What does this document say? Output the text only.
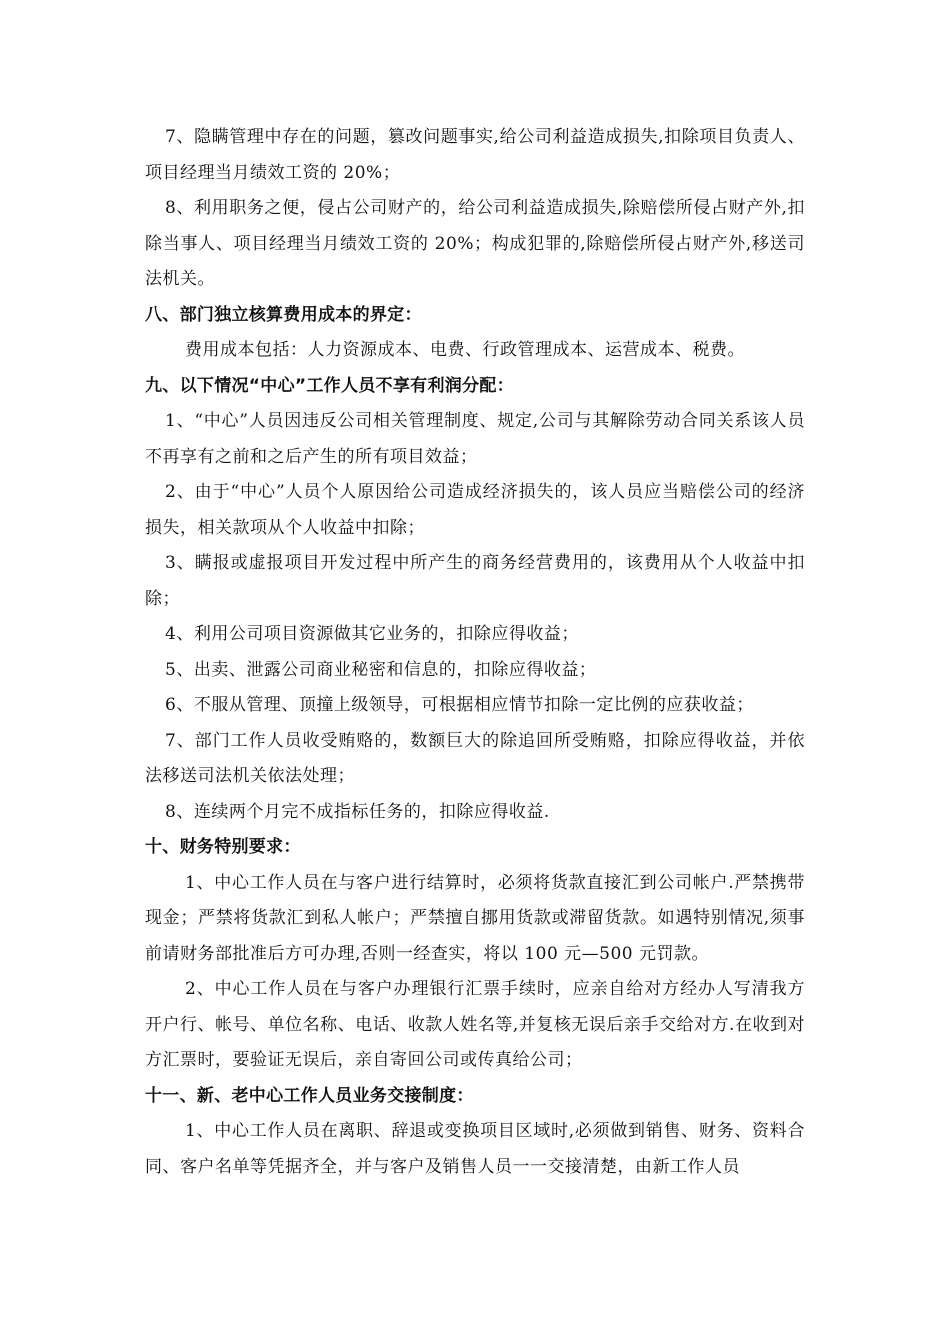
7、隐瞒管理中存在的问题，篡改问题事实,给公司利益造成损失,扣除项目负责人、项目经理当月绩效工资的 20%；

8、利用职务之便，侵占公司财产的，给公司利益造成损失,除赔偿所侵占财产外,扣除当事人、项目经理当月绩效工资的 20%；构成犯罪的,除赔偿所侵占财产外,移送司法机关。

八、部门独立核算费用成本的界定：

费用成本包括：人力资源成本、电费、行政管理成本、运营成本、税费。

九、以下情况“中心”工作人员不享有利润分配：

1、“中心”人员因违反公司相关管理制度、规定,公司与其解除劳动合同关系该人员不再享有之前和之后产生的所有项目效益；

2、由于“中心”人员个人原因给公司造成经济损失的，该人员应当赔偿公司的经济损失，相关款项从个人收益中扣除；

3、瞒报或虚报项目开发过程中所产生的商务经营费用的，该费用从个人收益中扣除；

4、利用公司项目资源做其它业务的，扣除应得收益；

5、出卖、泄露公司商业秘密和信息的，扣除应得收益；

6、不服从管理、顶撞上级领导，可根据相应情节扣除一定比例的应获收益；

7、部门工作人员收受贿赂的，数额巨大的除追回所受贿赂，扣除应得收益，并依法移送司法机关依法处理；

8、连续两个月完不成指标任务的，扣除应得收益.

十、财务特别要求：

1、中心工作人员在与客户进行结算时，必须将货款直接汇到公司帐户.严禁携带现金；严禁将货款汇到私人帐户；严禁擅自挪用货款或滞留货款。如遇特别情况,须事前请财务部批准后方可办理,否则一经查实，将以 100 元—500 元罚款。

2、中心工作人员在与客户办理银行汇票手续时，应亲自给对方经办人写清我方开户行、帐号、单位名称、电话、收款人姓名等,并复核无误后亲手交给对方.在收到对方汇票时，要验证无误后，亲自寄回公司或传真给公司；

十一、新、老中心工作人员业务交接制度：

1、中心工作人员在离职、辞退或变换项目区域时,必须做到销售、财务、资料合同、客户名单等凭据齐全，并与客户及销售人员一一交接清楚，由新工作人员
